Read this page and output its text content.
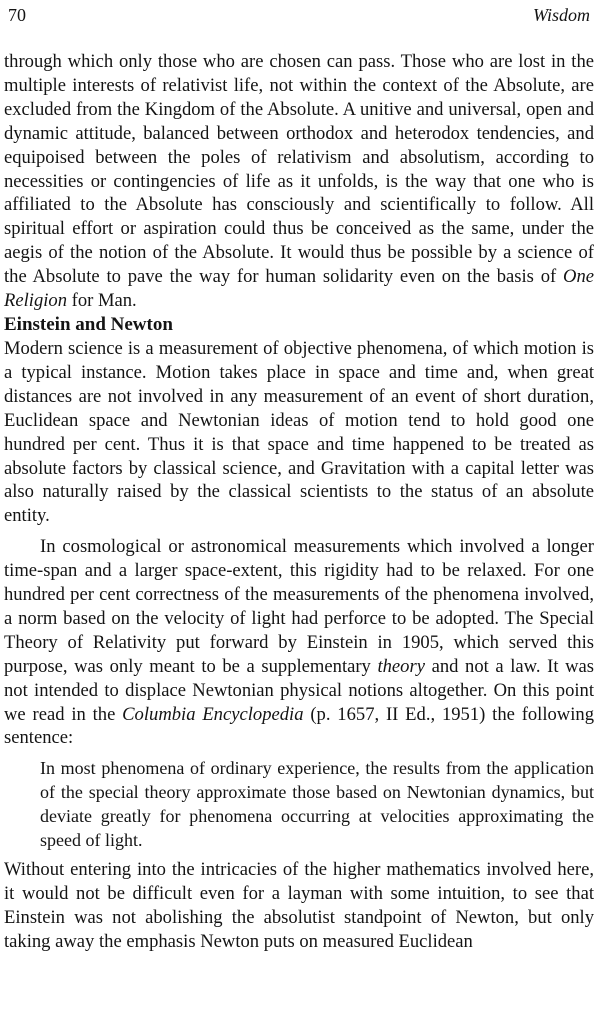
70	Wisdom

through which only those who are chosen can pass. Those who are lost in the multiple interests of relativist life, not within the context of the Absolute, are excluded from the Kingdom of the Absolute. A unitive and universal, open and dynamic attitude, balanced between orthodox and heterodox tendencies, and equipoised between the poles of relativism and absolutism, according to necessities or contingencies of life as it unfolds, is the way that one who is affiliated to the Absolute has consciously and scientifically to follow. All spiritual effort or aspiration could thus be conceived as the same, under the aegis of the notion of the Absolute. It would thus be possible by a science of the Absolute to pave the way for human solidarity even on the basis of One Religion for Man.

Einstein and Newton

Modern science is a measurement of objective phenomena, of which motion is a typical instance. Motion takes place in space and time and, when great distances are not involved in any measurement of an event of short duration, Euclidean space and Newtonian ideas of motion tend to hold good one hundred per cent. Thus it is that space and time happened to be treated as absolute factors by classical science, and Gravitation with a capital letter was also naturally raised by the classical scientists to the status of an absolute entity.

In cosmological or astronomical measurements which involved a longer time-span and a larger space-extent, this rigidity had to be relaxed. For one hundred per cent correctness of the measurements of the phenomena involved, a norm based on the velocity of light had perforce to be adopted. The Special Theory of Relativity put forward by Einstein in 1905, which served this purpose, was only meant to be a supplementary theory and not a law. It was not intended to displace Newtonian physical notions altogether. On this point we read in the Columbia Encyclopedia (p. 1657, II Ed., 1951) the following sentence:

In most phenomena of ordinary experience, the results from the application of the special theory approximate those based on Newtonian dynamics, but deviate greatly for phenomena occurring at velocities approximating the speed of light.

Without entering into the intricacies of the higher mathematics involved here, it would not be difficult even for a layman with some intuition, to see that Einstein was not abolishing the absolutist standpoint of Newton, but only taking away the emphasis Newton puts on measured Euclidean
